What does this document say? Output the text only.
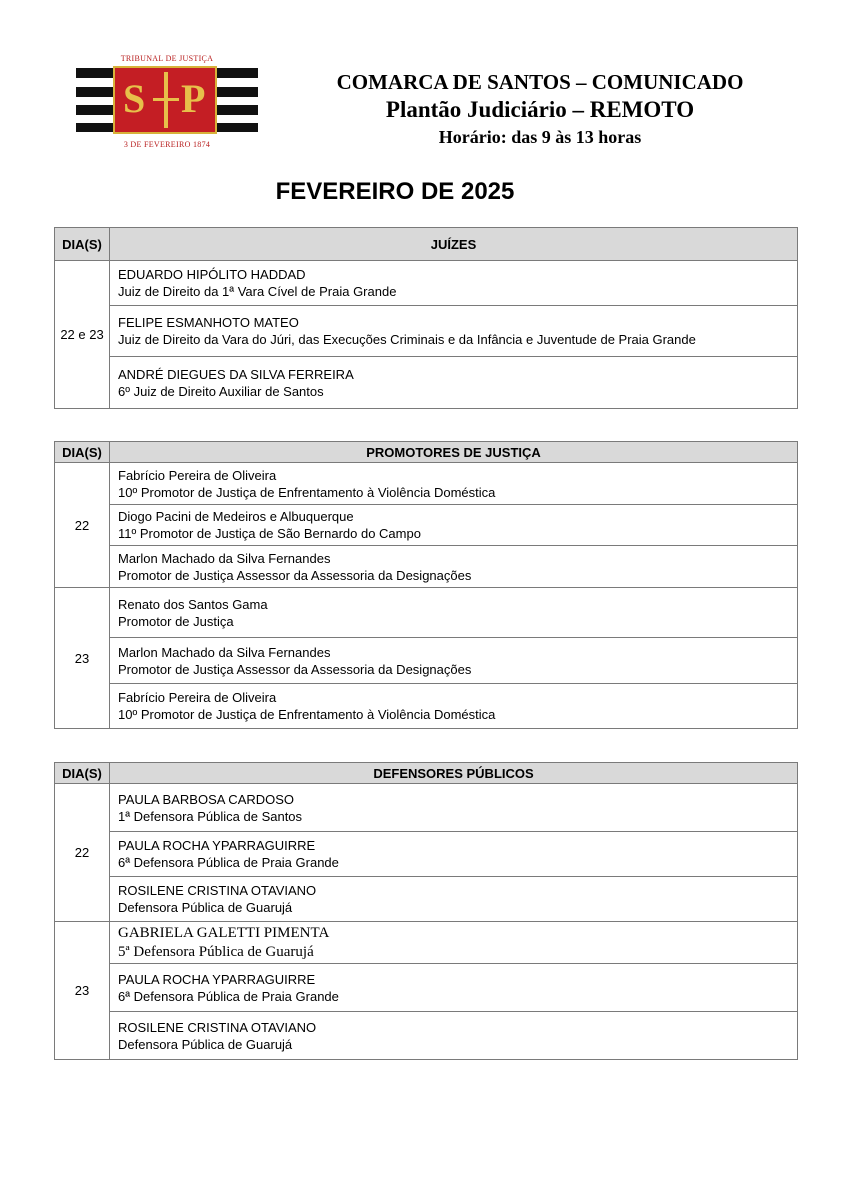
TRIBUNAL DE JUSTIÇA
S P
3 DE FEVEREIRO 1874
COMARCA DE SANTOS – COMUNICADO
Plantão Judiciário – REMOTO
Horário: das 9 às 13 horas
FEVEREIRO DE 2025
DIA(S)	JUÍZES
22 e 23	EDUARDO HIPÓLITO HADDAD
Juiz de Direito da 1ª Vara Cível de Praia Grande

	FELIPE ESMANHOTO MATEO
Juiz de Direito da Vara do Júri, das Execuções Criminais e da Infância e Juventude de Praia Grande

	ANDRÉ DIEGUES DA SILVA FERREIRA
6º Juiz de Direito Auxiliar de Santos
DIA(S)	PROMOTORES DE JUSTIÇA
22	Fabrício Pereira de Oliveira
10º Promotor de Justiça de Enfrentamento à Violência Doméstica

	Diogo Pacini de Medeiros e Albuquerque
11º Promotor de Justiça de São Bernardo do Campo

	Marlon Machado da Silva Fernandes
Promotor de Justiça Assessor da Assessoria da Designações

23	Renato dos Santos Gama
Promotor de Justiça

	Marlon Machado da Silva Fernandes
Promotor de Justiça Assessor da Assessoria da Designações

	Fabrício Pereira de Oliveira
10º Promotor de Justiça de Enfrentamento à Violência Doméstica
DIA(S)	DEFENSORES PÚBLICOS
22	PAULA BARBOSA CARDOSO
1ª Defensora Pública de Santos

	PAULA ROCHA YPARRAGUIRRE
6ª Defensora Pública de Praia Grande

	ROSILENE CRISTINA OTAVIANO
Defensora Pública de Guarujá

23	GABRIELA GALETTI PIMENTA
5ª Defensora Pública de Guarujá

	PAULA ROCHA YPARRAGUIRRE
6ª Defensora Pública de Praia Grande

	ROSILENE CRISTINA OTAVIANO
Defensora Pública de Guarujá
